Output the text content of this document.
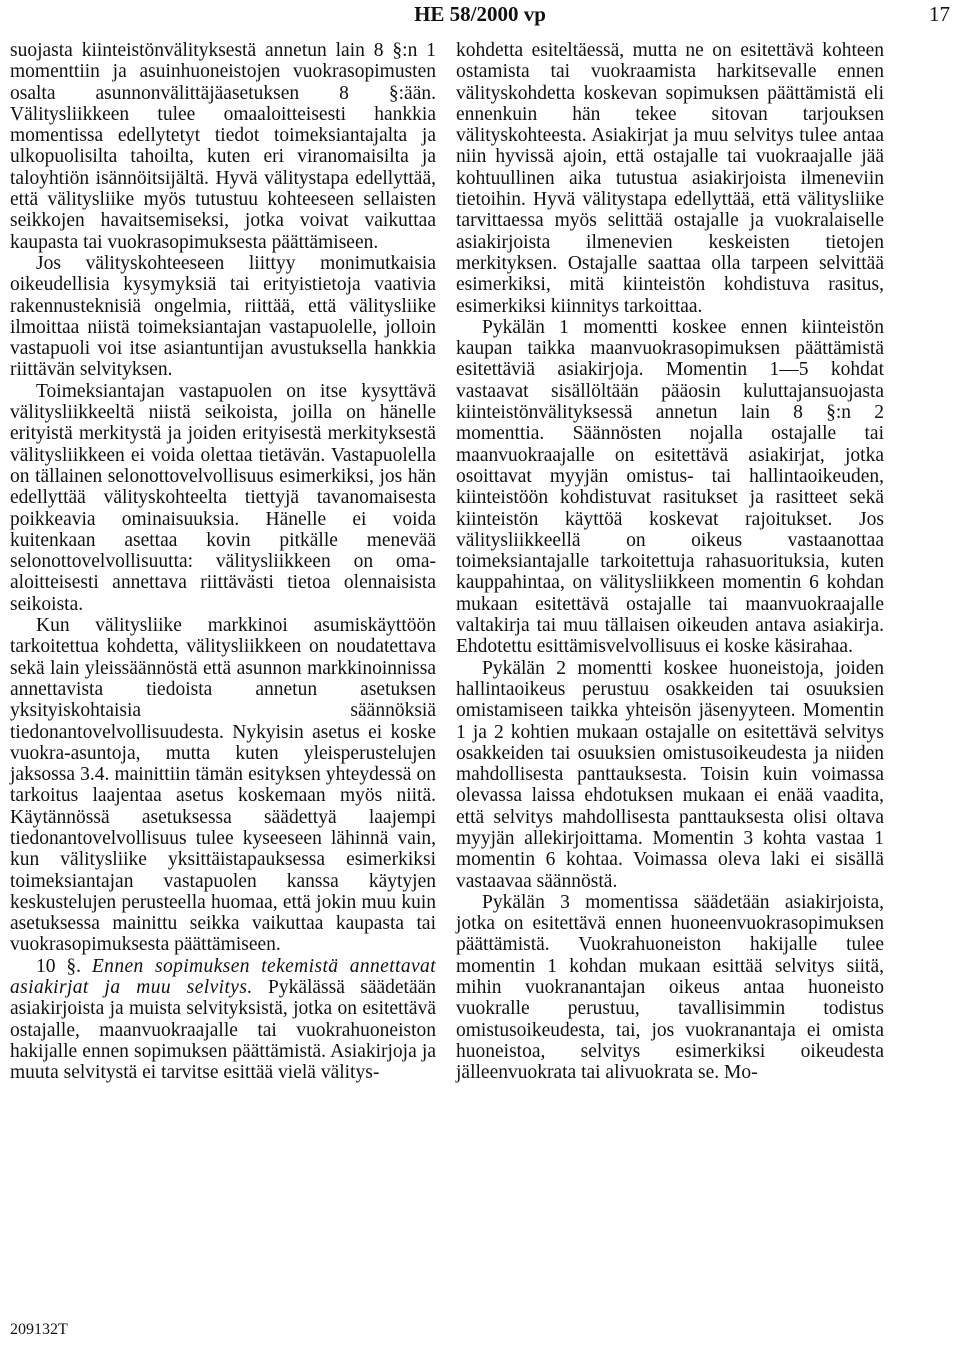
HE 58/2000 vp	17

suojasta kiinteistönvälityksestä annetun lain 8 §:n 1 momenttiin ja asuinhuoneistojen vuokrasopimusten osalta asunnonvälittäjäasetuksen 8 §:ään. Välitysliikkeen tulee omaaloitteisesti hankkia momentissa edellytetyt tiedot toimeksiantajalta ja ulkopuolisilta tahoilta, kuten eri viranomaisilta ja taloyhtiön isännöitsijältä. Hyvä välitystapa edellyttää, että välitysliike myös tutustuu kohteeseen sellaisten seikkojen havaitsemiseksi, jotka voivat vaikuttaa kaupasta tai vuokrasopimuksesta päättämiseen.

Jos välityskohteeseen liittyy monimutkaisia oikeudellisia kysymyksiä tai erityistietoja vaativia rakennusteknisiä ongelmia, riittää, että välitysliike ilmoittaa niistä toimeksiantajan vastapuolelle, jolloin vastapuoli voi itse asiantuntijan avustuksella hankkia riittävän selvityksen.

Toimeksiantajan vastapuolen on itse kysyttävä välitysliikkeeltä niistä seikoista, joilla on hänelle erityistä merkitystä ja joiden erityisestä merkityksestä välitysliikkeen ei voida olettaa tietävän. Vastapuolella on tällainen selonottovelvollisuus esimerkiksi, jos hän edellyttää välityskohteelta tiettyjä tavanomaisesta poikkeavia ominaisuuksia. Hänelle ei voida kuitenkaan asettaa kovin pitkälle menevää selonottovelvollisuutta: välitysliikkeen on oma-aloitteisesti annettava riittävästi tietoa olennaisista seikoista.

Kun välitysliike markkinoi asumiskäyttöön tarkoitettua kohdetta, välitysliikkeen on noudatettava sekä lain yleissäännöstä että asunnon markkinoinnissa annettavista tiedoista annetun asetuksen yksityiskohtaisia säännöksiä tiedonantovelvollisuudesta. Nykyisin asetus ei koske vuokra-asuntoja, mutta kuten yleisperustelujen jaksossa 3.4. mainittiin tämän esityksen yhteydessä on tarkoitus laajentaa asetus koskemaan myös niitä. Käytännössä asetuksessa säädettyä laajempi tiedonantovelvollisuus tulee kyseeseen lähinnä vain, kun välitysliike yksittäistapauksessa esimerkiksi toimeksiantajan vastapuolen kanssa käytyjen keskustelujen perusteella huomaa, että jokin muu kuin asetuksessa mainittu seikka vaikuttaa kaupasta tai vuokrasopimuksesta päättämiseen.

10 §. Ennen sopimuksen tekemistä annettavat asiakirjat ja muu selvitys. Pykälässä säädetään asiakirjoista ja muista selvityksistä, jotka on esitettävä ostajalle, maanvuokraajalle tai vuokrahuoneiston hakijalle ennen sopimuksen päättämistä. Asiakirjoja ja muuta selvitystä ei tarvitse esittää vielä välitys-

kohdetta esiteltäessä, mutta ne on esitettävä kohteen ostamista tai vuokraamista harkitsevalle ennen välityskohdetta koskevan sopimuksen päättämistä eli ennenkuin hän tekee sitovan tarjouksen välityskohteesta. Asiakirjat ja muu selvitys tulee antaa niin hyvissä ajoin, että ostajalle tai vuokraajalle jää kohtuullinen aika tutustua asiakirjoista ilmeneviin tietoihin. Hyvä välitystapa edellyttää, että välitysliike tarvittaessa myös selittää ostajalle ja vuokralaiselle asiakirjoista ilmenevien keskeisten tietojen merkityksen. Ostajalle saattaa olla tarpeen selvittää esimerkiksi, mitä kiinteistön kohdistuva rasitus, esimerkiksi kiinnitys tarkoittaa.

Pykälän 1 momentti koskee ennen kiinteistön kaupan taikka maanvuokrasopimuksen päättämistä esitettäviä asiakirjoja. Momentin 1—5 kohdat vastaavat sisällöltään pääosin kuluttajansuojasta kiinteistönvälityksessä annetun lain 8 §:n 2 momenttia. Säännösten nojalla ostajalle tai maanvuokraajalle on esitettävä asiakirjat, jotka osoittavat myyjän omistus- tai hallintaoikeuden, kiinteistöön kohdistuvat rasitukset ja rasitteet sekä kiinteistön käyttöä koskevat rajoitukset. Jos välitysliikkeellä on oikeus vastaanottaa toimeksiantajalle tarkoitettuja rahasuorituksia, kuten kauppahintaa, on välitysliikkeen momentin 6 kohdan mukaan esitettävä ostajalle tai maanvuokraajalle valtakirja tai muu tällaisen oikeuden antava asiakirja. Ehdotettu esittämisvelvollisuus ei koske käsirahaa.

Pykälän 2 momentti koskee huoneistoja, joiden hallintaoikeus perustuu osakkeiden tai osuuksien omistamiseen taikka yhteisön jäsenyyteen. Momentin 1 ja 2 kohtien mukaan ostajalle on esitettävä selvitys osakkeiden tai osuuksien omistusoikeudesta ja niiden mahdollisesta panttauksesta. Toisin kuin voimassa olevassa laissa ehdotuksen mukaan ei enää vaadita, että selvitys mahdollisesta panttauksesta olisi oltava myyjän allekirjoittama. Momentin 3 kohta vastaa 1 momentin 6 kohtaa. Voimassa oleva laki ei sisällä vastaavaa säännöstä.

Pykälän 3 momentissa säädetään asiakirjoista, jotka on esitettävä ennen huoneenvuokrasopimuksen päättämistä. Vuokrahuoneiston hakijalle tulee momentin 1 kohdan mukaan esittää selvitys siitä, mihin vuokranantajan oikeus antaa huoneisto vuokralle perustuu, tavallisimmin todistus omistusoikeudesta, tai, jos vuokranantaja ei omista huoneistoa, selvitys esimerkiksi oikeudesta jälleenvuokrata tai alivuokrata se. Mo-

209132T
